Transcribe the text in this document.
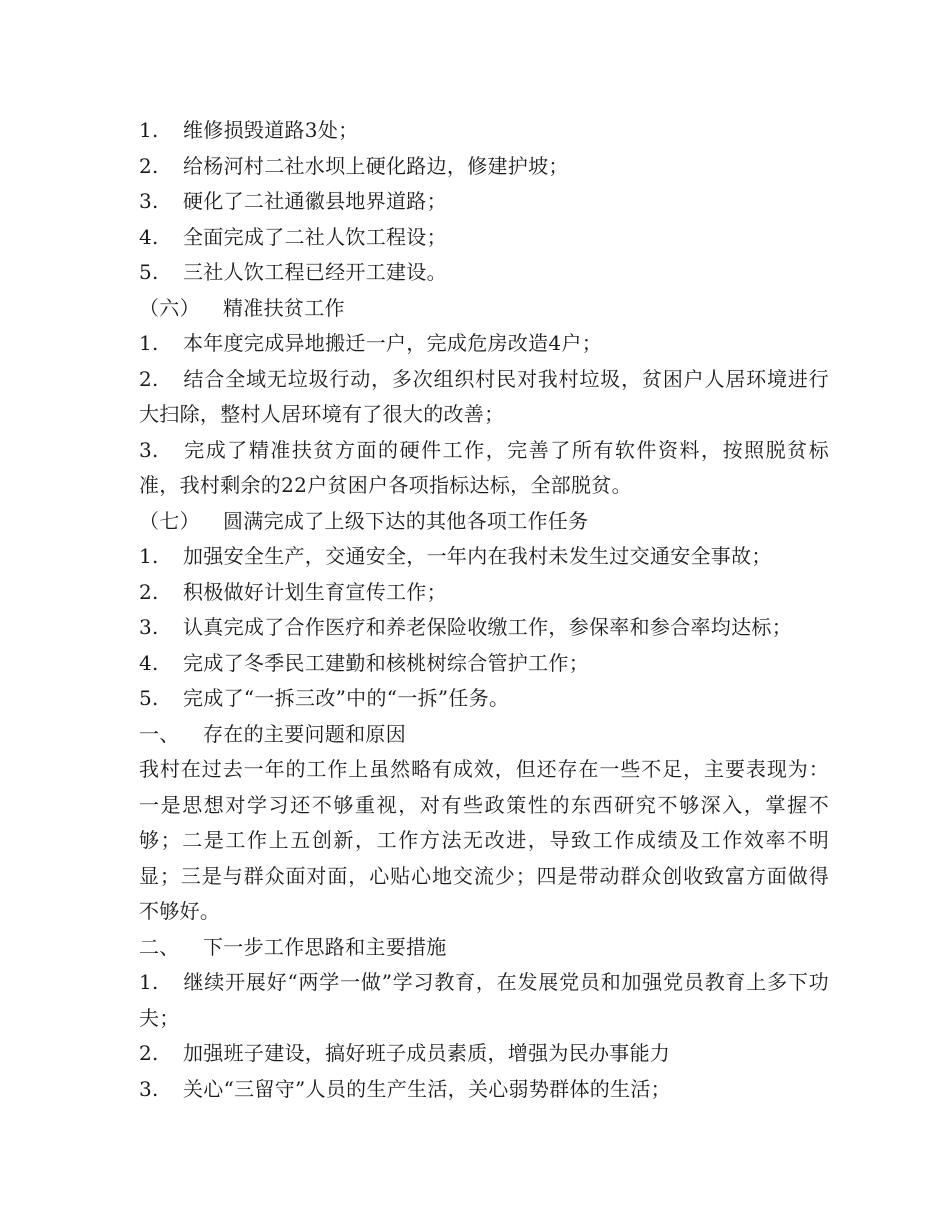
1. 维修损毁道路3处；
2. 给杨河村二社水坝上硬化路边，修建护坡；
3. 硬化了二社通徽县地界道路；
4. 全面完成了二社人饮工程设；
5. 三社人饮工程已经开工建设。
（六） 精准扶贫工作
1. 本年度完成异地搬迁一户，完成危房改造4户；
2. 结合全域无垃圾行动，多次组织村民对我村垃圾，贫困户人居环境进行大扫除，整村人居环境有了很大的改善；
3. 完成了精准扶贫方面的硬件工作，完善了所有软件资料，按照脱贫标准，我村剩余的22户贫困户各项指标达标，全部脱贫。
（七） 圆满完成了上级下达的其他各项工作任务
1. 加强安全生产，交通安全，一年内在我村未发生过交通安全事故；
2. 积极做好计划生育宣传工作；
3. 认真完成了合作医疗和养老保险收缴工作，参保率和参合率均达标；
4. 完成了冬季民工建勤和核桃树综合管护工作；
5. 完成了“一拆三改”中的“一拆”任务。
一、 存在的主要问题和原因
我村在过去一年的工作上虽然略有成效，但还存在一些不足，主要表现为：一是思想对学习还不够重视，对有些政策性的东西研究不够深入，掌握不够；二是工作上五创新，工作方法无改进，导致工作成绩及工作效率不明显；三是与群众面对面，心贴心地交流少；四是带动群众创收致富方面做得不够好。
二、 下一步工作思路和主要措施
1. 继续开展好“两学一做”学习教育，在发展党员和加强党员教育上多下功夫；
2. 加强班子建设，搞好班子成员素质，增强为民办事能力
3. 关心“三留守”人员的生产生活，关心弱势群体的生活；
